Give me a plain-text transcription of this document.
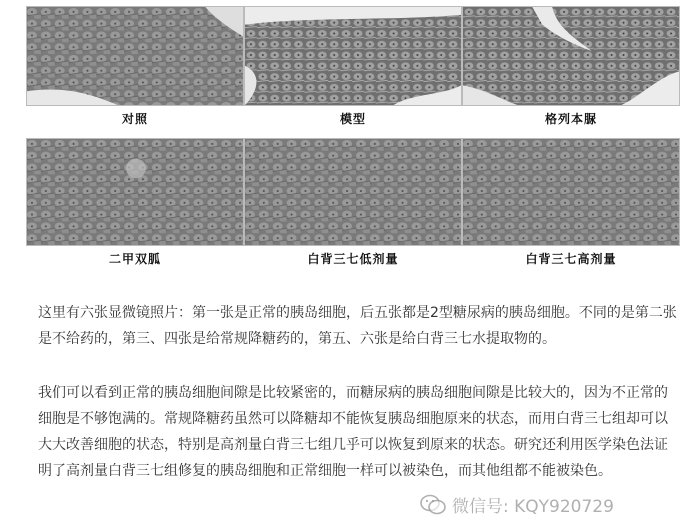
对照	模型	格列本脲
二甲双胍	白背三七低剂量	白背三七高剂量
这里有六张显微镜照片：第一张是正常的胰岛细胞，后五张都是2型糖尿病的胰岛细胞。不同的是第二张是不给药的，第三、四张是给常规降糖药的，第五、六张是给白背三七水提取物的。
我们可以看到正常的胰岛细胞间隙是比较紧密的，而糖尿病的胰岛细胞间隙是比较大的，因为不正常的细胞是不够饱满的。常规降糖药虽然可以降糖却不能恢复胰岛细胞原来的状态，而用白背三七组却可以大大改善细胞的状态，特别是高剂量白背三七组几乎可以恢复到原来的状态。研究还利用医学染色法证明了高剂量白背三七组修复的胰岛细胞和正常细胞一样可以被染色，而其他组都不能被染色。
微信号: KQY920729
